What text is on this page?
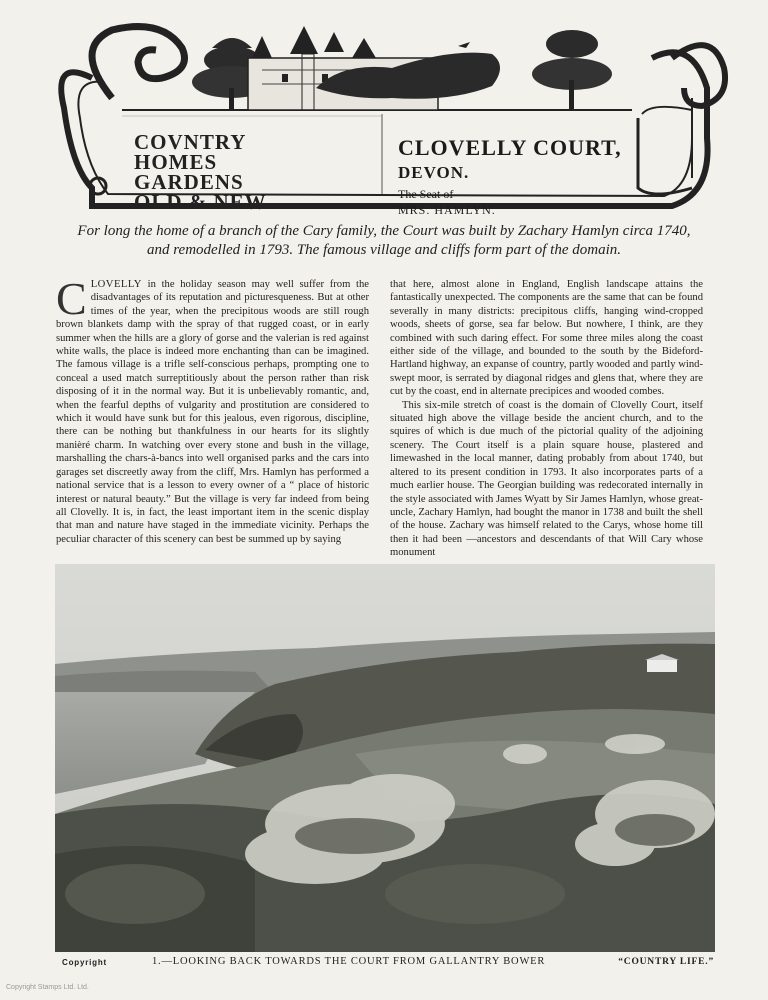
COVNTRY
HOMES
GARDENS
OLD & NEW
CLOVELLY COURT,
DEVON.
The Seat of
MRS. HAMLYN.
For long the home of a branch of the Cary family, the Court was built by Zachary Hamlyn circa 1740, and remodelled in 1793. The famous village and cliffs form part of the domain.

CLOVELLY in the holiday season may well suffer from the disadvantages of its reputation and picturesqueness. But at other times of the year, when the precipitous woods are still rough brown blankets damp with the spray of that rugged coast, or in early summer when the hills are a glory of gorse and the valerian is red against white walls, the place is indeed more enchanting than can be imagined. The famous village is a trifle self-conscious perhaps, prompting one to conceal a used match surreptitiously about the person rather than risk disposing of it in the normal way. But it is unbelievably romantic, and, when the fearful depths of vulgarity and prostitution are considered to which it would have sunk but for this jealous, even rigorous, discipline, there can be nothing but thankfulness in our hearts for its slightly manièré charm. In watching over every stone and bush in the village, marshalling the chars-à-bancs into well organised parks and the cars into garages set discreetly away from the cliff, Mrs. Hamlyn has performed a national service that is a lesson to every owner of a “ place of historic interest or natural beauty.” But the village is very far indeed from being all Clovelly. It is, in fact, the least important item in the scenic display that man and nature have staged in the immediate vicinity. Perhaps the peculiar character of this scenery can best be summed up by saying

that here, almost alone in England, English landscape attains the fantastically unexpected. The components are the same that can be found severally in many districts: precipitous cliffs, hanging wind-cropped woods, sheets of gorse, sea far below. But nowhere, I think, are they combined with such daring effect. For some three miles along the coast either side of the village, and bounded to the south by the Bideford-Hartland highway, an expanse of country, partly wooded and partly wind-swept moor, is serrated by diagonal ridges and glens that, where they are cut by the coast, end in alternate precipices and wooded combes.

This six-mile stretch of coast is the domain of Clovelly Court, itself situated high above the village beside the ancient church, and to the squires of which is due much of the pictorial quality of the adjoining scenery. The Court itself is a plain square house, plastered and limewashed in the local manner, dating probably from about 1740, but altered to its present condition in 1793. It also incorporates parts of a much earlier house. The Georgian building was redecorated internally in the style associated with James Wyatt by Sir James Hamlyn, whose great-uncle, Zachary Hamlyn, had bought the manor in 1738 and built the shell of the house. Zachary was himself related to the Carys, whose home till then it had been —ancestors and descendants of that Will Cary whose monument

Copyright	1.—LOOKING BACK TOWARDS THE COURT FROM GALLANTRY BOWER	“COUNTRY LIFE.”
Copyright Stamps Ltd. Ltd.
